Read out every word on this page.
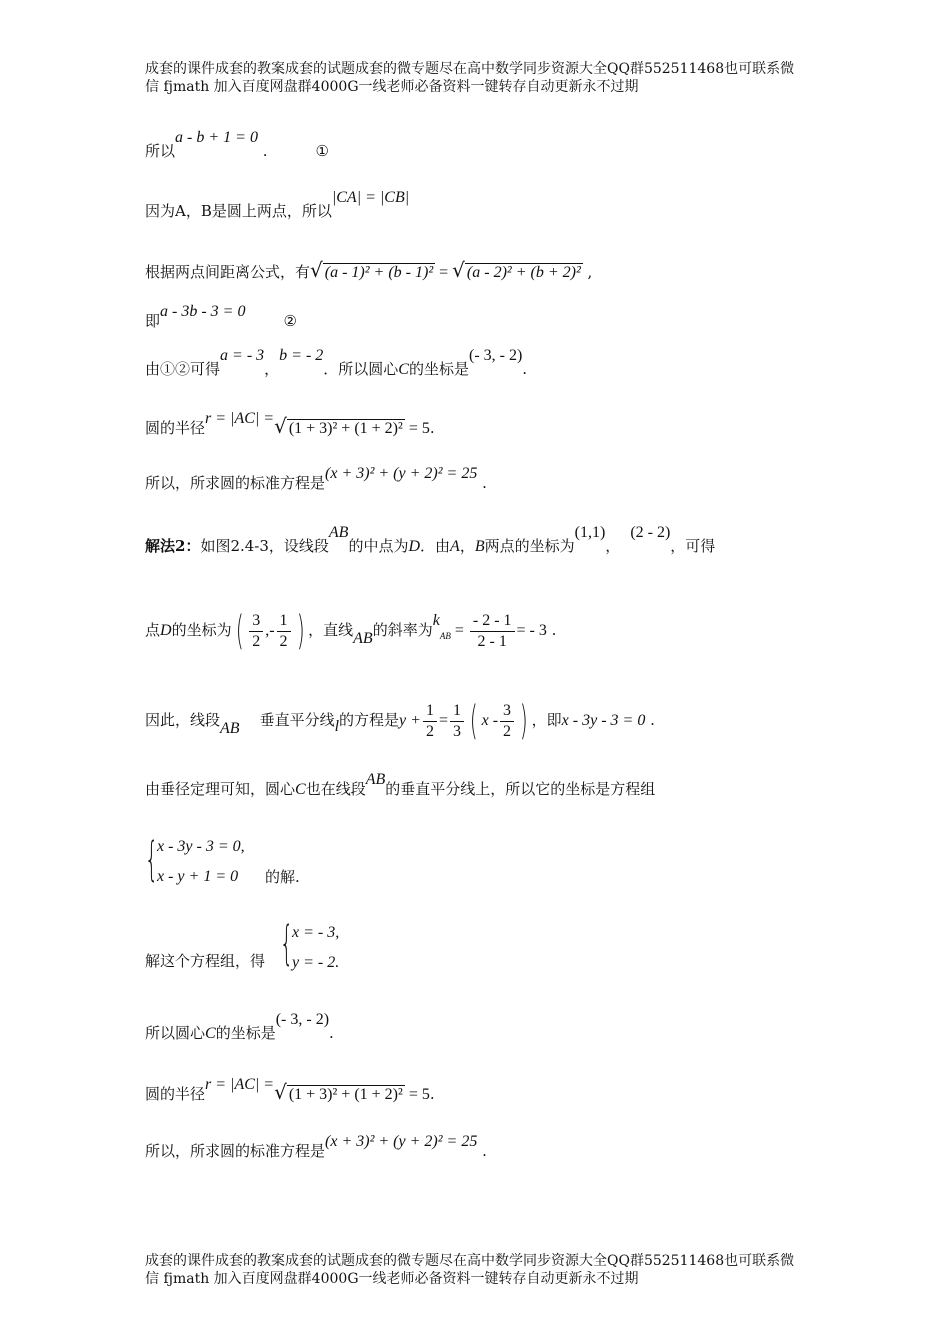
成套的课件成套的教案成套的试题成套的微专题尽在高中数学同步资源大全QQ群552511468也可联系微
信 fjmath 加入百度网盘群4000G一线老师必备资料一键转存自动更新永不过期
所以a - b + 1 = 0 .	①
因为A，B是圆上两点，所以|CA| = |CB|
根据两点间距离公式，有√ (a - 1)² + (b - 1)² = √ (a - 2)² + (b + 2)² ,
即a - 3b - 3 = 0②
由①②可得a = - 3，b = - 2．所以圆心C的坐标是(- 3, - 2).
圆的半径r = |AC| =√ (1 + 3)² + (1 + 2)² = 5.
所以，所求圆的标准方程是(x + 3)² + (y + 2)² = 25 .
解法2：如图2.4-3，设线段AB的中点为D．由A，B两点的坐标为(1,1)，(2 - 2)，可得
点D的坐标为( $\frac{3}{2}$ ,- $\frac{1}{2}$ ) ，直线AB的斜率为$k_{AB} = \frac{- 2 - 1}{2 - 1}$ = - 3 .
因此，线段AB 垂直平分线l的方程是$y + \frac{1}{2} = \frac{1}{3}$ ( x - $\frac{3}{2}$ ) ，即x - 3y - 3 = 0 .
由垂径定理可知，圆心C也在线段AB的垂直平分线上，所以它的坐标是方程组
{
x - 3y - 3 = 0,
x - y + 1 = 0 的解.
解这个方程组，得 {
x = - 3,
y = - 2.
所以圆心C的坐标是(- 3, - 2).
圆的半径r = |AC| =√ (1 + 3)² + (1 + 2)² = 5.
所以，所求圆的标准方程是(x + 3)² + (y + 2)² = 25 .
成套的课件成套的教案成套的试题成套的微专题尽在高中数学同步资源大全QQ群552511468也可联系微
信 fjmath 加入百度网盘群4000G一线老师必备资料一键转存自动更新永不过期
